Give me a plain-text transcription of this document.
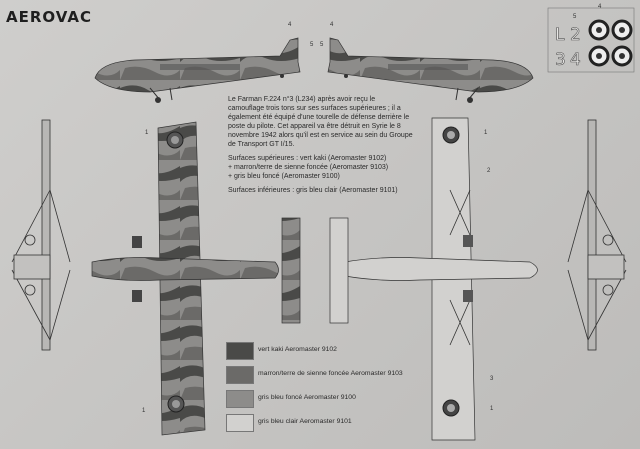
AEROVAC
L 2
3 4
4
5
4
5
1
1
1
2
3
1
4
5
Le Farman F.224 n°3 (L234) après avoir reçu le camouflage trois tons sur ses surfaces supérieures ; il a également été équipé d'une tourelle de défense derrière le poste du pilote. Cet appareil va être détruit en Syrie le 8 novembre 1942 alors qu'il est en service au sein du Groupe de Transport GT I/15.
Surfaces supérieures : vert kaki (Aeromaster 9102)
+ marron/terre de sienne foncée (Aeromaster 9103)
+ gris bleu foncé (Aeromaster 9100)
Surfaces inférieures : gris bleu clair (Aeromaster 9101)
vert kaki Aeromaster 9102
marron/terre de sienne foncée Aeromaster 9103
gris bleu foncé Aeromaster 9100
gris bleu clair Aeromaster 9101
